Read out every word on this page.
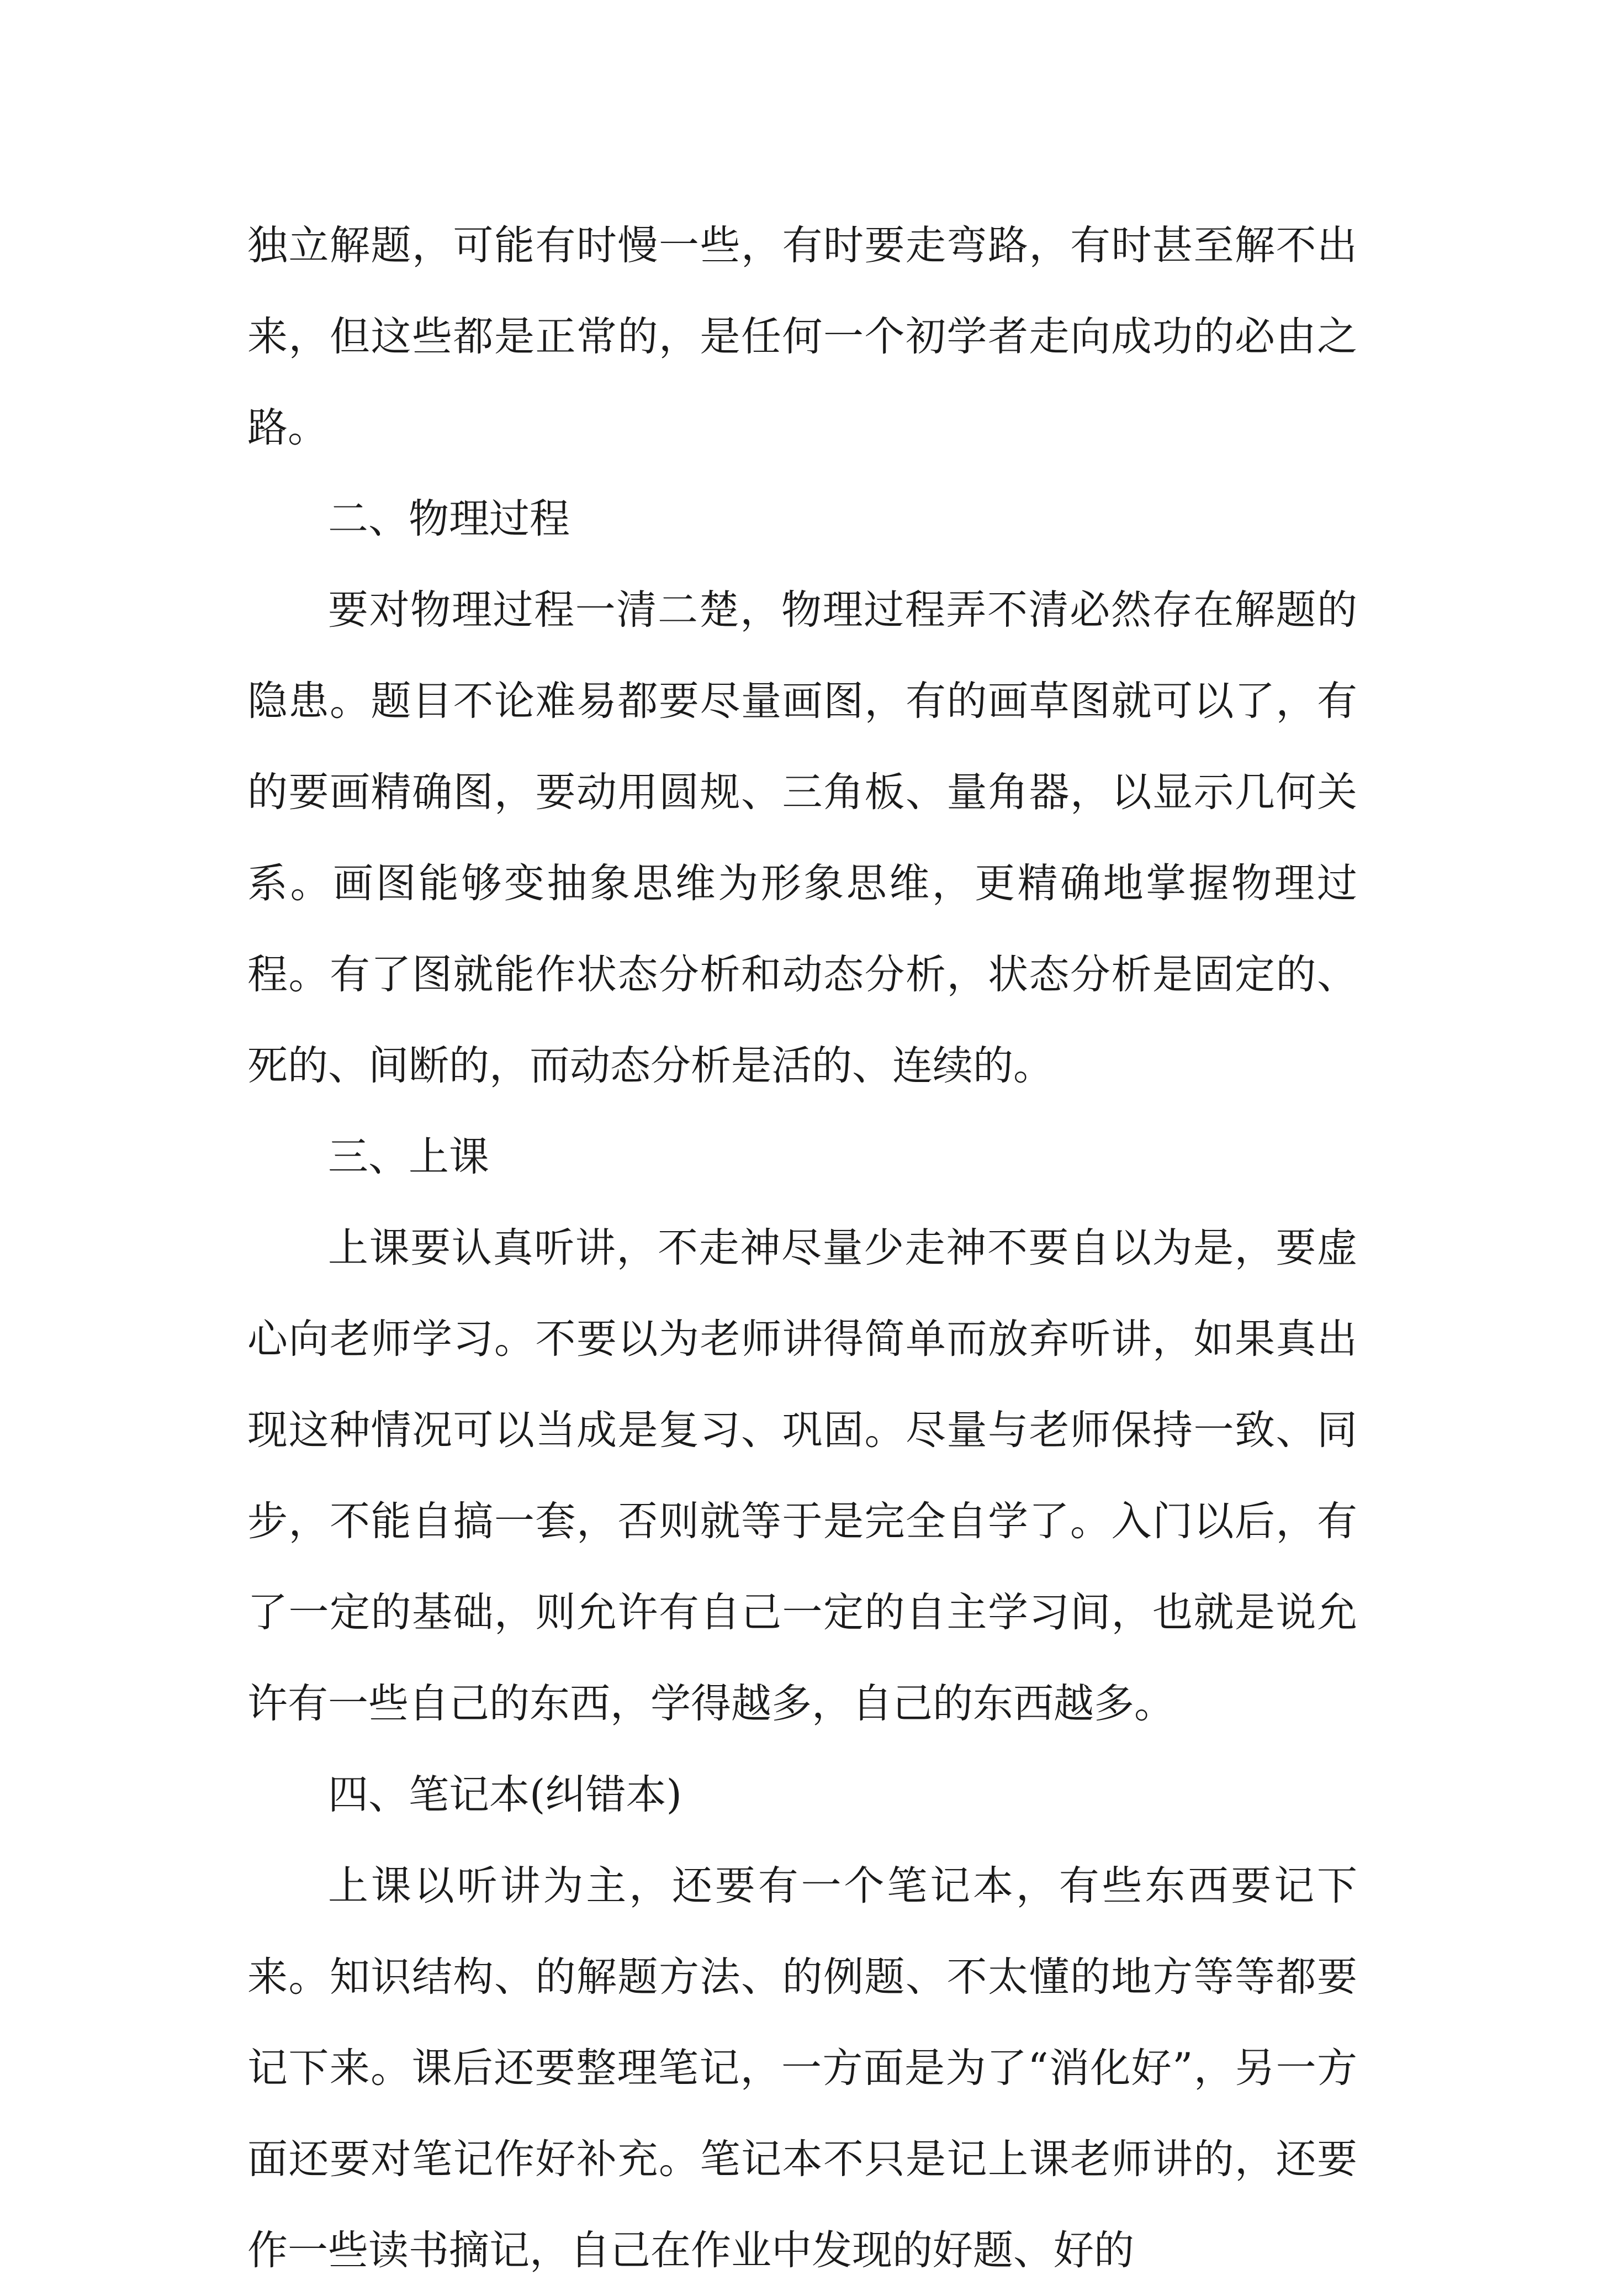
独立解题，可能有时慢一些，有时要走弯路，有时甚至解不出来，但这些都是正常的，是任何一个初学者走向成功的必由之路。

二、物理过程

要对物理过程一清二楚，物理过程弄不清必然存在解题的隐患。题目不论难易都要尽量画图，有的画草图就可以了，有的要画精确图，要动用圆规、三角板、量角器，以显示几何关系。画图能够变抽象思维为形象思维，更精确地掌握物理过程。有了图就能作状态分析和动态分析，状态分析是固定的、死的、间断的，而动态分析是活的、连续的。

三、上课

上课要认真听讲，不走神尽量少走神不要自以为是，要虚心向老师学习。不要以为老师讲得简单而放弃听讲，如果真出现这种情况可以当成是复习、巩固。尽量与老师保持一致、同步，不能自搞一套，否则就等于是完全自学了。入门以后，有了一定的基础，则允许有自己一定的自主学习间，也就是说允许有一些自己的东西，学得越多，自己的东西越多。

四、笔记本(纠错本)

上课以听讲为主，还要有一个笔记本，有些东西要记下来。知识结构、的解题方法、的例题、不太懂的地方等等都要记下来。课后还要整理笔记，一方面是为了“消化好”，另一方面还要对笔记作好补充。笔记本不只是记上课老师讲的，还要作一些读书摘记，自己在作业中发现的好题、好的
